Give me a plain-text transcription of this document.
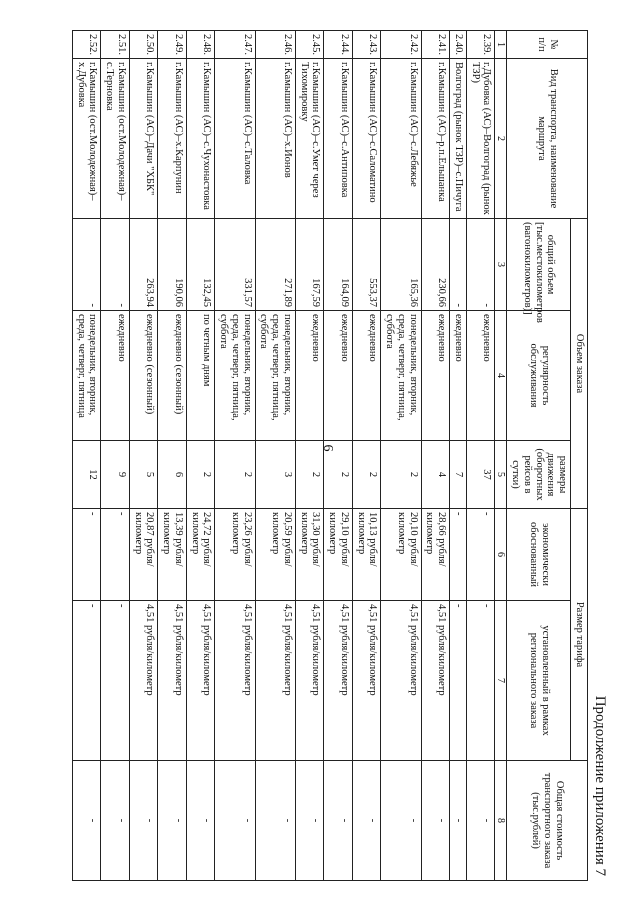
6
Продолжение приложения 7
№ п/п	Вид транспорта, наименование маршрута	Объем заказа			Размер тарифа		Общая стоимость транспортного заказа (тыс.рублей)
		общий объем [тыс.местокилометров (вагонокилометров)]	регулярность обслуживания	размеры движения (оборотных рейсов в сутки)	экономически обоснованный	установленный в рамках регионального заказа	
1	2	3	4	5	6	7	8
2.39.	г.Дубовка (АС)–Волгоград (рынок ТЗР)	-	ежедневно	37	-	-	-
2.40.	Волгоград (рынок ТЗР)–с.Пичуга	-	ежедневно	7	-	-	-
2.41.	г.Камышин (АС)–р.п.Ельшанка	230,66	ежедневно	4	28,66 рубля/ километр	4,51 рубля/километр	-
2.42.	г.Камышин (АС)–с.Лебяжье	165,36	понедельник, вторник, среда, четверг, пятница, суббота	2	20,10 рубля/ километр	4,51 рубля/километр	-
2.43.	г.Камышин (АС)–с.Саломатино	553,37	ежедневно	2	10,13 рубля/ километр	4,51 рубля/километр	-
2.44.	г.Камышин (АС)–с.Антиповка	164,09	ежедневно	2	29,10 рубля/ километр	4,51 рубля/километр	-
2.45.	г.Камышин (АС)–с.Умет через Тихомировку	167,59	ежедневно	2	31,30 рубля/ километр	4,51 рубля/километр	-
2.46.	г.Камышин (АС)–х.Ионов	271,89	понедельник, вторник, среда, четверг, пятница, суббота	3	20,59 рубля/ километр	4,51 рубля/километр	-
2.47.	г.Камышин (АС)–с.Таловка	331,57	понедельник, вторник, среда, четверг, пятница, суббота	2	23,26 рубля/ километр	4,51 рубля/километр	-
2.48.	г.Камышин (АС)–с.Чухонастовка	132,45	по четным дням	2	24,72 рубля/ километр	4,51 рубля/километр	-
2.49.	г.Камышин (АС)–х.Карпунин	190,06	ежедневно (сезонный)	6	13,39 рубля/ километр	4,51 рубля/километр	-
2.50.	г.Камышин (АС)–Дачи "ХБК"	263,94	ежедневно (сезонный)	5	20,87 рубля/ километр	4,51 рубля/километр	-
2.51.	г.Камышин (ост.Молодежная)–с.Терновка	-	ежедневно	9	-	-	-
2.52.	г.Камышин (ост.Молодежная)–х.Дубовка	-	понедельник, вторник, среда, четверг, пятница	12	-	-	-
